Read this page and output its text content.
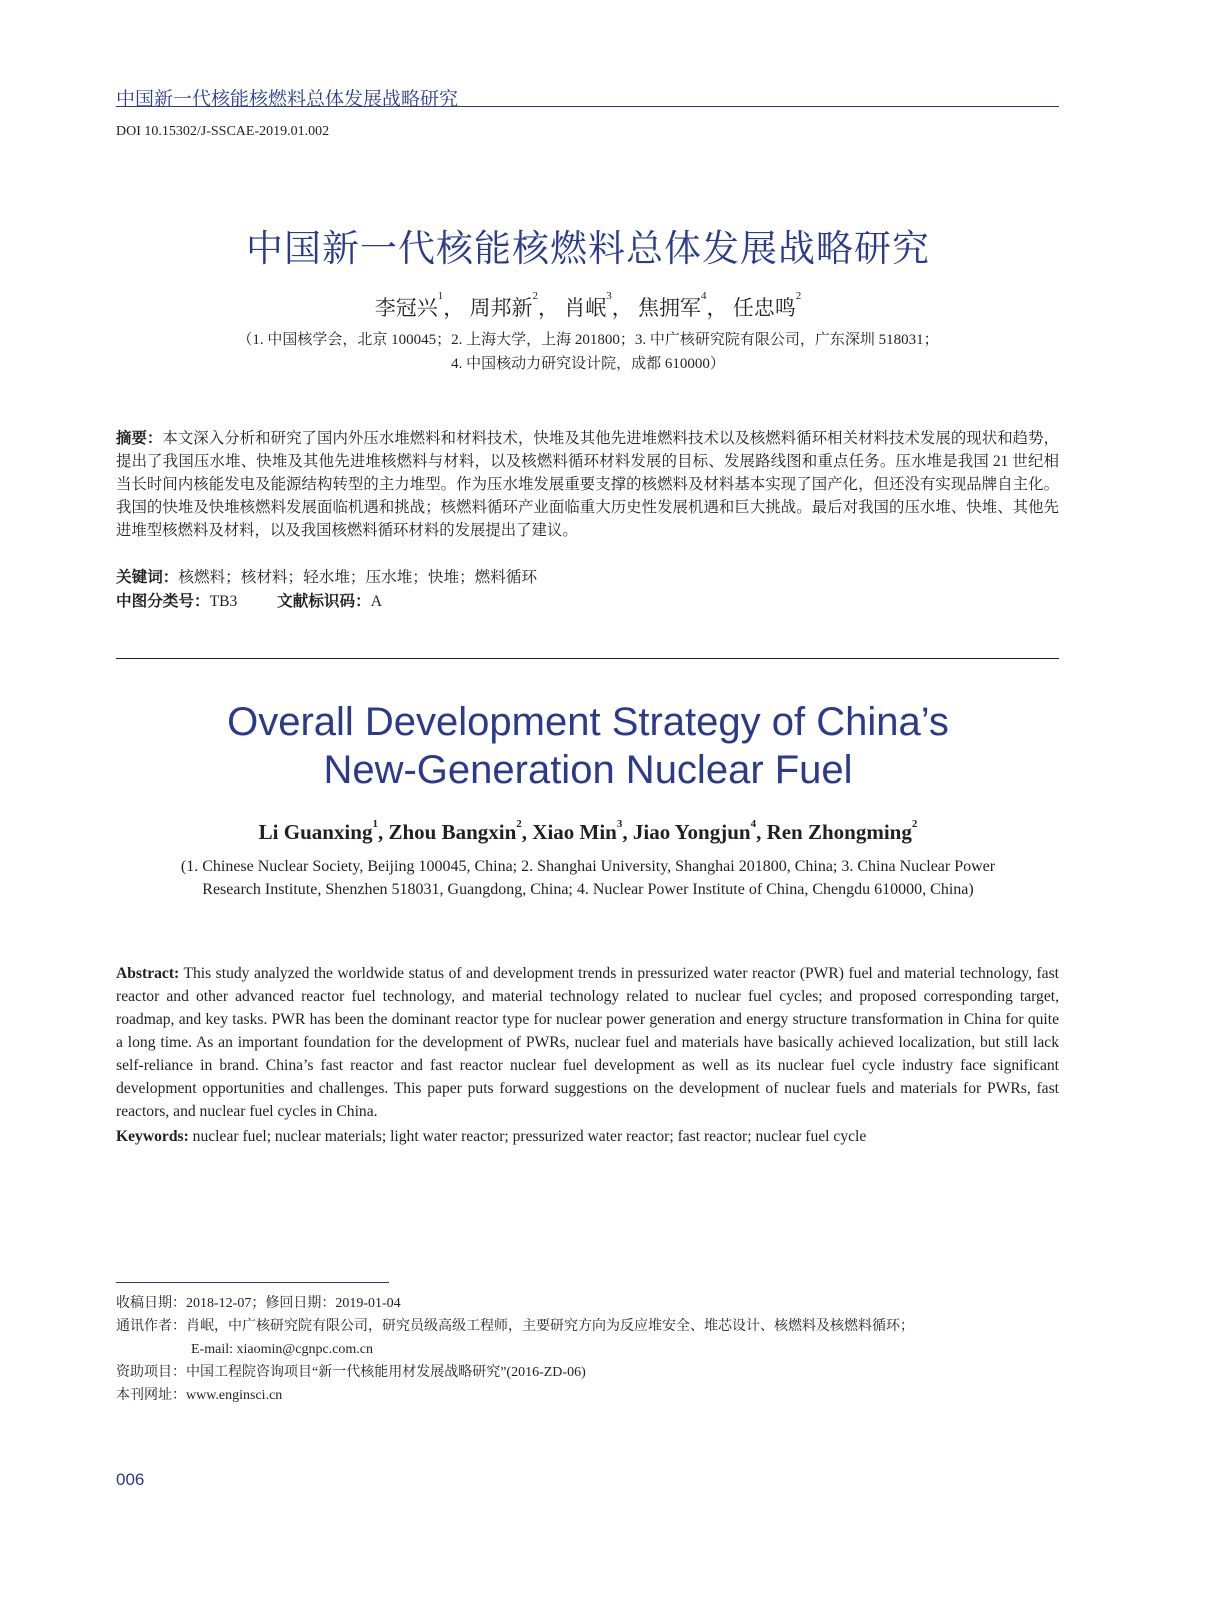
中国新一代核能核燃料总体发展战略研究
DOI 10.15302/J-SSCAE-2019.01.002
中国新一代核能核燃料总体发展战略研究
李冠兴$^1$， 周邦新$^2$， 肖岷$^3$， 焦拥军$^4$， 任忠鸣$^2$
（1. 中国核学会，北京 100045；2. 上海大学，上海 201800；3. 中广核研究院有限公司，广东深圳 518031；
4. 中国核动力研究设计院，成都 610000）
摘要：本文深入分析和研究了国内外压水堆燃料和材料技术，快堆及其他先进堆燃料技术以及核燃料循环相关材料技术发展的现状和趋势，提出了我国压水堆、快堆及其他先进堆核燃料与材料，以及核燃料循环材料发展的目标、发展路线图和重点任务。压水堆是我国 21 世纪相当长时间内核能发电及能源结构转型的主力堆型。作为压水堆发展重要支撑的核燃料及材料基本实现了国产化，但还没有实现品牌自主化。我国的快堆及快堆核燃料发展面临机遇和挑战；核燃料循环产业面临重大历史性发展机遇和巨大挑战。最后对我国的压水堆、快堆、其他先进堆型核燃料及材料，以及我国核燃料循环材料的发展提出了建议。
关键词：核燃料；核材料；轻水堆；压水堆；快堆；燃料循环
中图分类号：TB3	文献标识码：A
Overall Development Strategy of China’s
New-Generation Nuclear Fuel
Li Guanxing$^1$, Zhou Bangxin$^2$, Xiao Min$^3$, Jiao Yongjun$^4$, Ren Zhongming$^2$
(1. Chinese Nuclear Society, Beijing 100045, China; 2. Shanghai University, Shanghai 201800, China; 3. China Nuclear Power
Research Institute, Shenzhen 518031, Guangdong, China; 4. Nuclear Power Institute of China, Chengdu 610000, China)
Abstract: This study analyzed the worldwide status of and development trends in pressurized water reactor (PWR) fuel and material technology, fast reactor and other advanced reactor fuel technology, and material technology related to nuclear fuel cycles; and proposed corresponding target, roadmap, and key tasks. PWR has been the dominant reactor type for nuclear power generation and energy structure transformation in China for quite a long time. As an important foundation for the development of PWRs, nuclear fuel and materials have basically achieved localization, but still lack self-reliance in brand. China’s fast reactor and fast reactor nuclear fuel development as well as its nuclear fuel cycle industry face significant development opportunities and challenges. This paper puts forward suggestions on the development of nuclear fuels and materials for PWRs, fast reactors, and nuclear fuel cycles in China.
Keywords: nuclear fuel; nuclear materials; light water reactor; pressurized water reactor; fast reactor; nuclear fuel cycle
收稿日期：2018-12-07；修回日期：2019-01-04
通讯作者：肖岷，中广核研究院有限公司，研究员级高级工程师，主要研究方向为反应堆安全、堆芯设计、核燃料及核燃料循环；
E-mail: xiaomin@cgnpc.com.cn
资助项目：中国工程院咨询项目“新一代核能用材发展战略研究”(2016-ZD-06)
本刊网址：www.enginsci.cn
006
